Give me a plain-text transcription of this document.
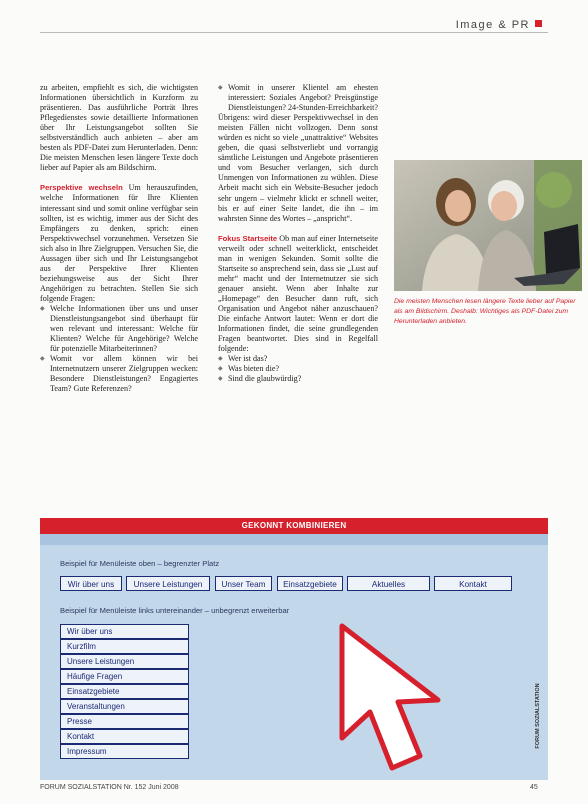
Image & PR

zu arbeiten, empfiehlt es sich, die wichtigsten Informationen übersichtlich in Kurzform zu präsentieren. Das ausführliche Porträt Ihres Pflegedienstes sowie detaillierte Informationen über Ihr Leistungsangebot sollten Sie selbstverständlich auch anbieten – aber am besten als PDF-Datei zum Herunterladen. Denn: Die meisten Menschen lesen längere Texte doch lieber auf Papier als am Bildschirm.

Perspektive wechseln Um herauszufinden, welche Informationen für Ihre Klienten interessant sind und somit online verfügbar sein sollten, ist es wichtig, immer aus der Sicht des Empfängers zu denken, sprich: einen Perspektivwechsel vorzunehmen. Versetzen Sie sich also in Ihre Zielgruppen. Versuchen Sie, die Aussagen über sich und Ihr Leistungsangebot aus der Perspektive Ihrer Klienten beziehungsweise aus der Sicht Ihrer Angehörigen zu betrachten. Stellen Sie sich folgende Fragen:

◆ Welche Informationen über uns und unser Dienstleistungsangebot sind überhaupt für wen relevant und interessant: Welche für Klienten? Welche für Angehörige? Welche für potenzielle Mitarbeiterinnen?
◆ Womit vor allem können wir bei Internetnutzern unserer Zielgruppen wecken: Besondere Dienstleistungen? Engagiertes Team? Gute Referenzen?
◆ Womit in unserer Klientel am ehesten interessiert: Soziales Angebot? Preisgünstige Dienstleistungen? 24-Stunden-Erreichbarkeit?

Übrigens: wird dieser Perspektivwechsel in den meisten Fällen nicht vollzogen. Denn sonst würden es nicht so viele „unattraktive“ Websites geben, die quasi selbstverliebt und vorrangig sämtliche Leistungen und Angebote präsentieren und vom Besucher verlangen, sich durch Unmengen von Informationen zu wühlen. Diese Arbeit macht sich ein Website-Besucher jedoch sehr ungern – vielmehr klickt er schnell weiter, bis er auf einer Seite landet, die ihn – im wahrsten Sinne des Wortes – „anspricht“.

Fokus Startseite Ob man auf einer Internetseite verweilt oder schnell weiterklickt, entscheidet man in wenigen Sekunden. Somit sollte die Startseite so ansprechend sein, dass sie „Lust auf mehr“ macht und der Internetnutzer sie sich genauer ansieht. Wenn aber Inhalte zur „Homepage“ den Besucher dann ruft, sich Organisation und Angebot näher anzuschauen? Die einfache Antwort lautet: Wenn er dort die Informationen findet, die seine grundlegenden Fragen beantwortet. Dies sind in Regelfall folgende:

◆ Wer ist das?
◆ Was bieten die?
◆ Sind die glaubwürdig?
Die meisten Menschen lesen längere Texte lieber auf Papier als am Bildschirm. Deshalb: Wichtiges als PDF-Datei zum Herunterladen anbieten.
GEKONNT KOMBINIEREN
Beispiel für Menüleiste oben – begrenzter Platz
Wir über uns	Unsere Leistungen	Unser Team	Einsatzgebiete	Aktuelles	Kontakt
Beispiel für Menüleiste links untereinander – unbegrenzt erweiterbar
Wir über uns
Kurzfilm
Unsere Leistungen
Häufige Fragen
Einsatzgebiete
Veranstaltungen
Presse
Kontakt
Impressum
FORUM SOZIALSTATION
FORUM SOZIALSTATION Nr. 152 Juni 2008	45
